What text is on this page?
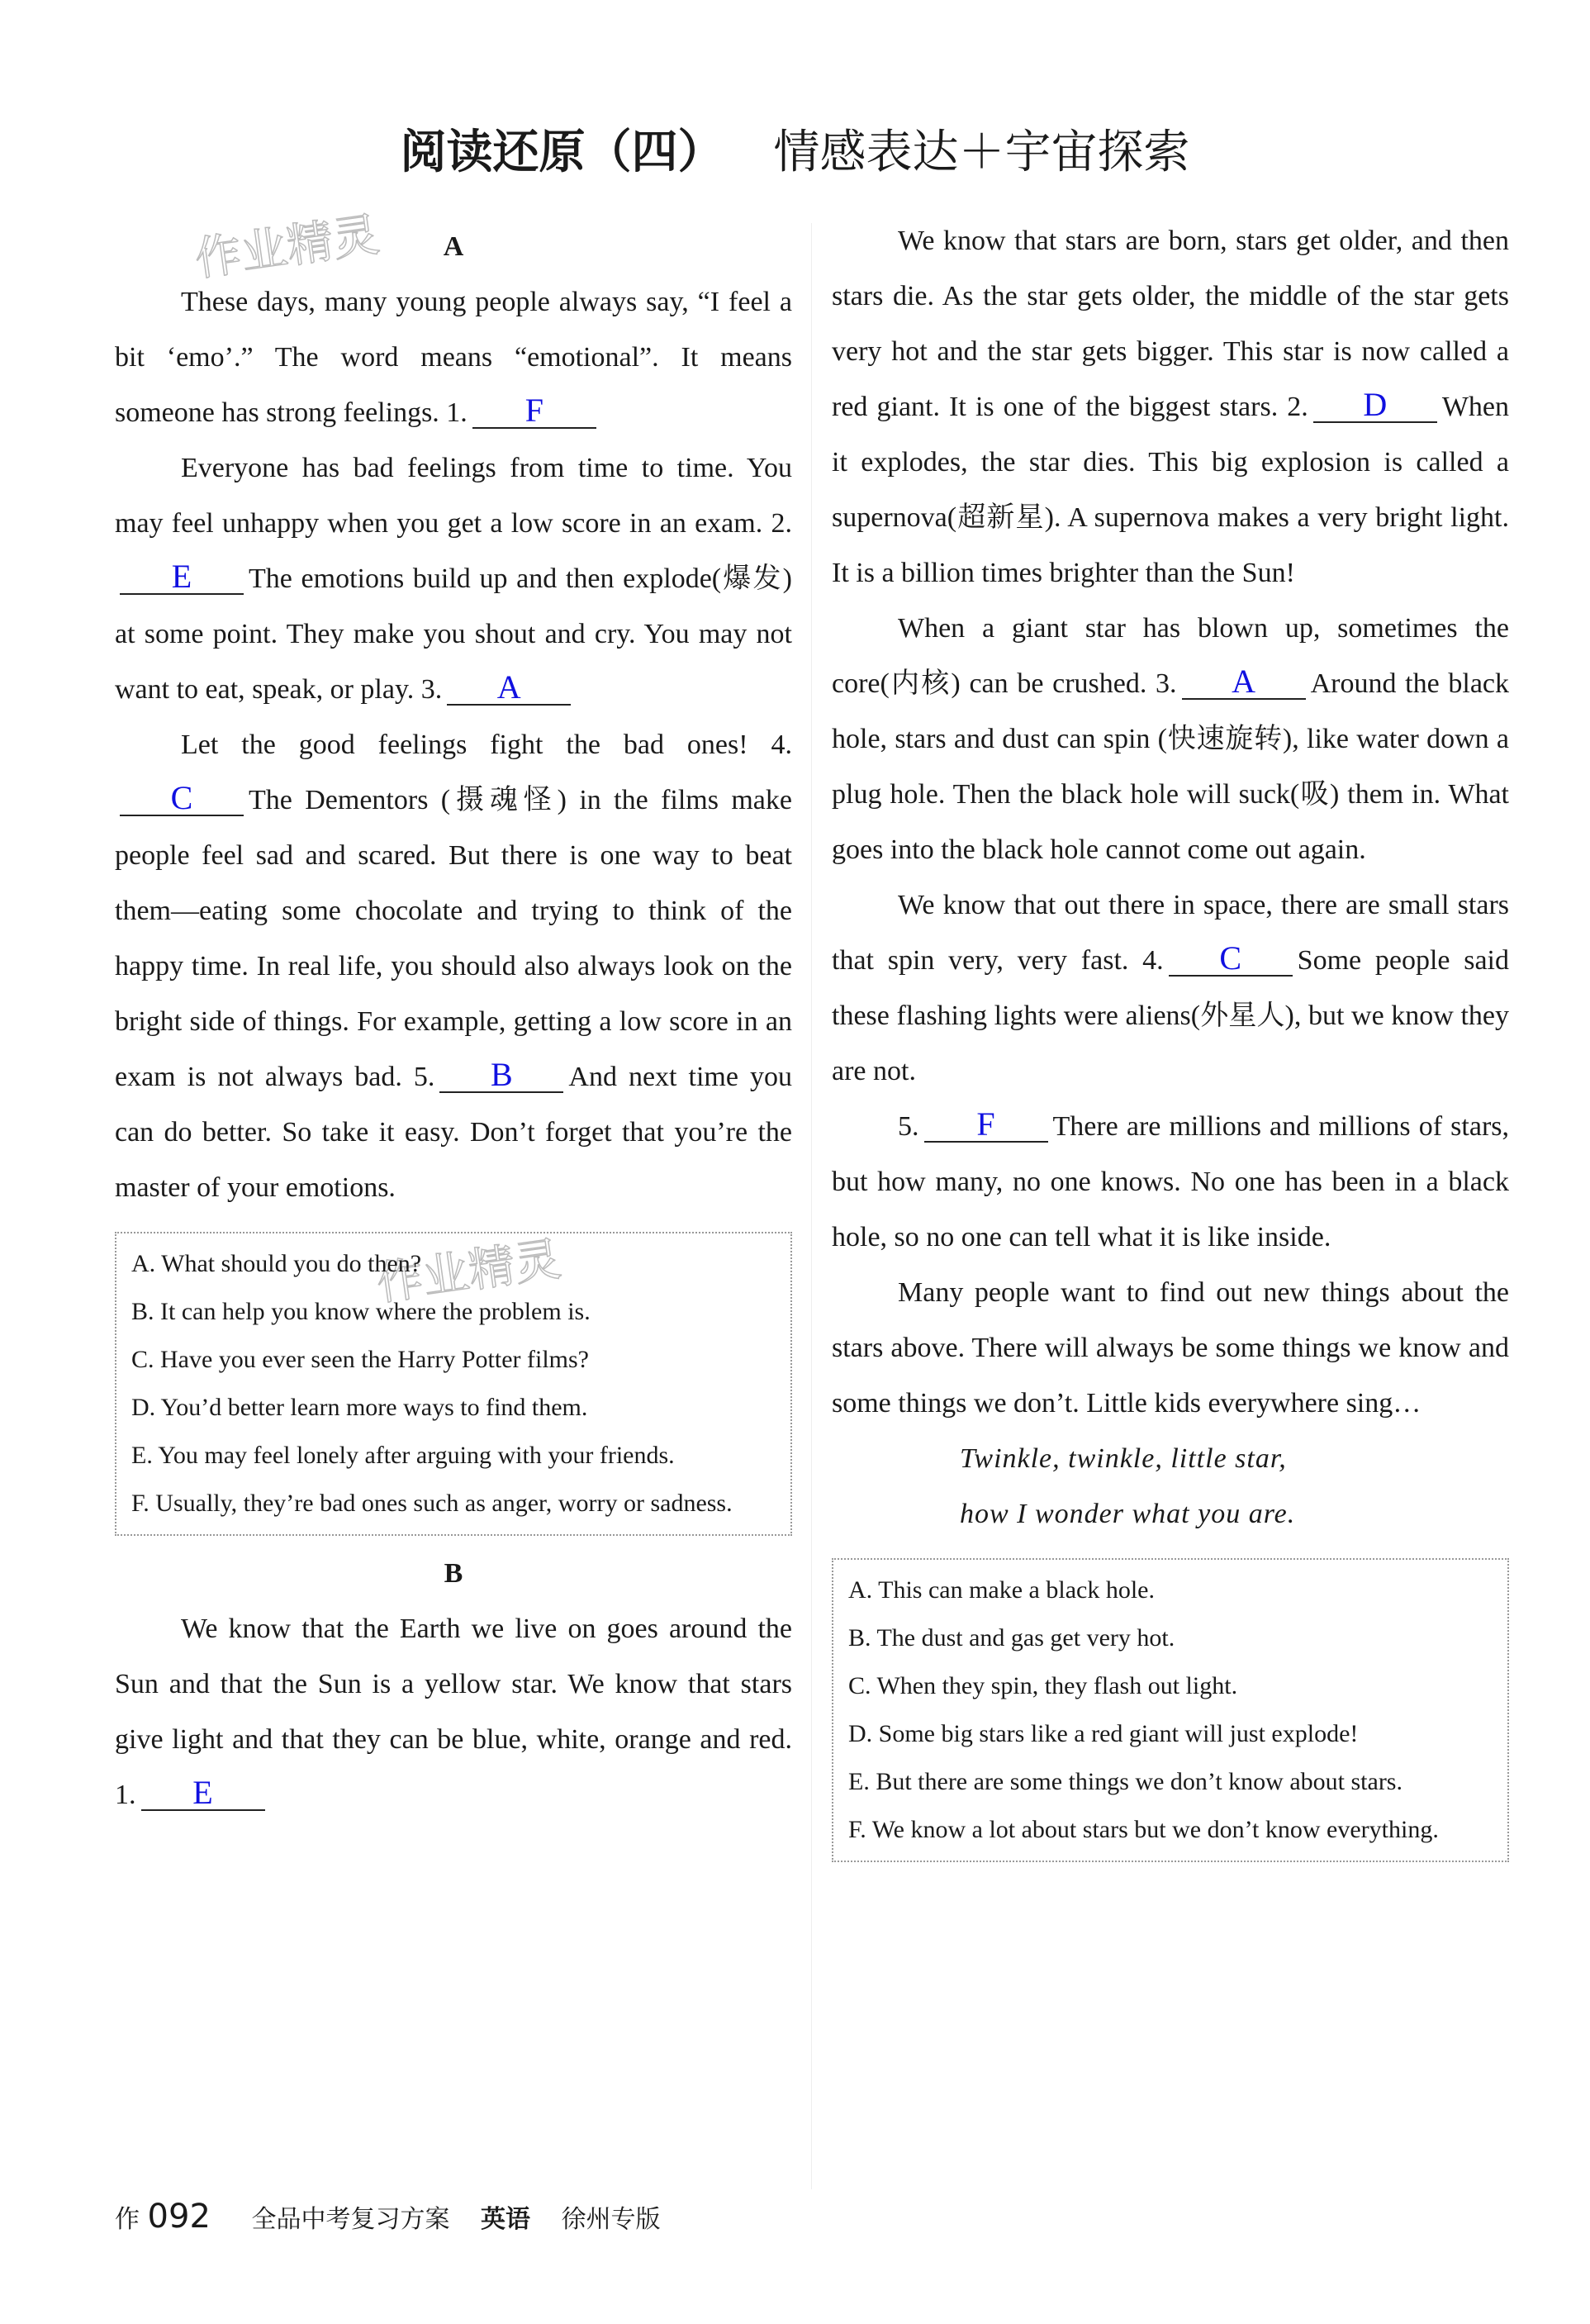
阅读还原（四） 情感表达＋宇宙探索
作业精灵
作业精灵
A

These days, many young people always say, “I feel a bit ‘emo’.” The word means “emotional”. It means someone has strong feelings. 1. F

Everyone has bad feelings from time to time. You may feel unhappy when you get a low score in an exam. 2.E The emotions build up and then explode(爆发) at some point. They make you shout and cry. You may not want to eat, speak, or play. 3. A

Let the good feelings fight the bad ones! 4.C The Dementors (摄魂怪) in the films make people feel sad and scared. But there is one way to beat them—eating some chocolate and trying to think of the happy time. In real life, you should also always look on the bright side of things. For example, getting a low score in an exam is not always bad. 5. B And next time you can do better. So take it easy. Don’t forget that you’re the master of your emotions.

A. What should you do then?
B. It can help you know where the problem is.
C. Have you ever seen the Harry Potter films?
D. You’d better learn more ways to find them.
E. You may feel lonely after arguing with your friends.
F. Usually, they’re bad ones such as anger, worry or sadness.
B

We know that the Earth we live on goes around the Sun and that the Sun is a yellow star. We know that stars give light and that they can be blue, white, orange and red. 1. E

We know that stars are born, stars get older, and then stars die. As the star gets older, the middle of the star gets very hot and the star gets bigger. This star is now called a red giant. It is one of the biggest stars. 2. D When it explodes, the star dies. This big explosion is called a supernova(超新星). A supernova makes a very bright light. It is a billion times brighter than the Sun!

When a giant star has blown up, sometimes the core(内核) can be crushed. 3. A Around the black hole, stars and dust can spin (快速旋转), like water down a plug hole. Then the black hole will suck(吸) them in. What goes into the black hole cannot come out again.

We know that out there in space, there are small stars that spin very, very fast. 4. C Some people said these flashing lights were aliens(外星人), but we know they are not.

5. F There are millions and millions of stars, but how many, no one knows. No one has been in a black hole, so no one can tell what it is like inside.

Many people want to find out new things about the stars above. There will always be some things we know and some things we don’t. Little kids everywhere sing…

Twinkle, twinkle, little star,

how I wonder what you are.

A. This can make a black hole.
B. The dust and gas get very hot.
C. When they spin, they flash out light.
D. Some big stars like a red giant will just explode!
E. But there are some things we don’t know about stars.
F. We know a lot about stars but we don’t know everything.
作 092 全品中考复习方案 英语 徐州专版
